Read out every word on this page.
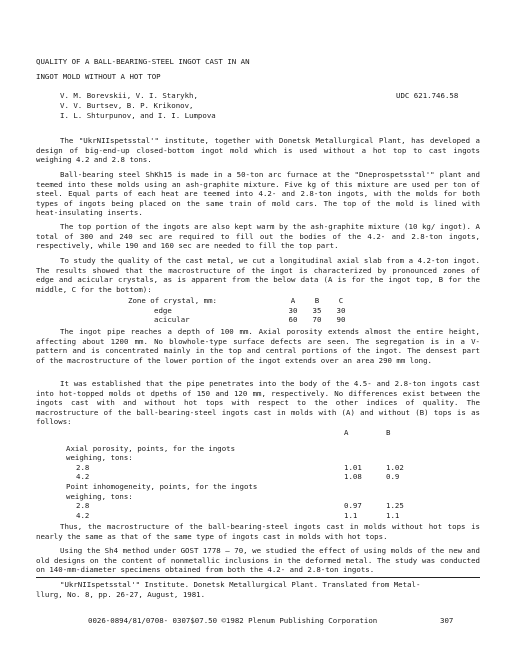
QUALITY OF A BALL-BEARING-STEEL INGOT CAST IN AN
INGOT MOLD WITHOUT A HOT TOP
V. M. Borevskii, V. I. Starykh,
V. V. Burtsev, B. P. Krikonov,
I. L. Shturpunov, and I. I. Lumpova
UDC 621.746.58

The "UkrNIIspetsstal'" institute, together with Donetsk Metallurgical Plant, has developed a design of big-end-up closed-bottom ingot mold which is used without a hot top to cast ingots weighing 4.2 and 2.8 tons.

Ball-bearing steel ShKh15 is made in a 50-ton arc furnace at the "Dneprospetsstal'" plant and teemed into these molds using an ash-graphite mixture. Five kg of this mixture are used per ton of steel. Equal parts of each heat are teemed into 4.2- and 2.8-ton ingots, with the molds for both types of ingots being placed on the same train of mold cars. The top of the mold is lined with heat-insulating inserts.

The top portion of the ingots are also kept warm by the ash-graphite mixture (10 kg/ ingot). A total of 300 and 240 sec are required to fill out the bodies of the 4.2- and 2.8-ton ingots, respectively, while 190 and 160 sec are needed to fill the top part.

To study the quality of the cast metal, we cut a longitudinal axial slab from a 4.2-ton ingot. The results showed that the macrostructure of the ingot is characterized by pronounced zones of edge and acicular crystals, as is apparent from the below data (A is for the ingot top, B for the middle, C for the bottom):

Zone of crystal, mm:	A	B	C
edge	30	35	30
acicular	60	70	90

The ingot pipe reaches a depth of 100 mm. Axial porosity extends almost the entire height, affecting about 1200 mm. No blowhole-type surface defects are seen. The segregation is in a V-pattern and is concentrated mainly in the top and central portions of the ingot. The densest part of the macrostructure of the lower portion of the ingot extends over an area 290 mm long.

It was established that the pipe penetrates into the body of the 4.5- and 2.8-ton ingots cast into hot-topped molds ot dpeths of 150 and 120 mm, respectively. No differences exist between the ingots cast with and without hot tops with respect to the other indices of quality. The macrostructure of the ball-bearing-steel ingots cast in molds with (A) and without (B) tops is as follows:

	A	B

Axial porosity, points, for the ingots		
weighing, tons:		
2.8	1.01	1.02
4.2	1.08	0.9
Point inhomogeneity, points, for the ingots		
weighing, tons:		
2.8	0.97	1.25
4.2	1.1	1.1

Thus, the macrostructure of the ball-bearing-steel ingots cast in molds without hot tops is nearly the same as that of the same type of ingots cast in molds with hot tops.

Using the Sh4 method under GOST 1778 — 70, we studied the effect of using molds of the new and old designs on the content of nonmetallic inclusions in the deformed metal. The study was conducted on 140-mm-diameter specimens obtained from both the 4.2- and 2.8-ton ingots.

"UkrNIIspetsstal'" Institute. Donetsk Metallurgical Plant. Translated from Metal-
llurg, No. 8, pp. 26-27, August, 1981.
0026-0894/81/0708- 0307$07.50 ©1982 Plenum Publishing Corporation	307
